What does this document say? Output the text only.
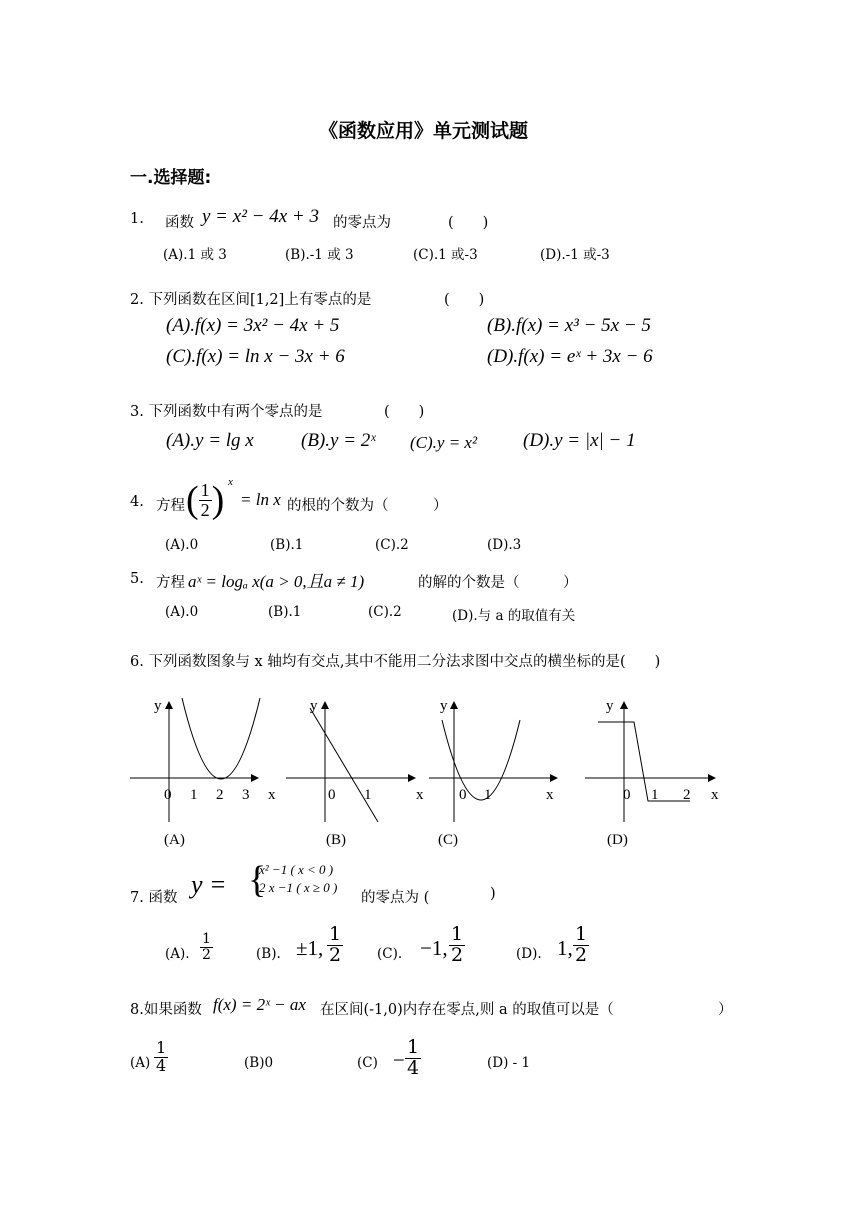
《函数应用》单元测试题
一.选择题:
1. 函数 y = x² − 4x + 3 的零点为	(　　)
(A).1 或 3	(B).-1 或 3	(C).1 或-3	(D).-1 或-3
2. 下列函数在区间[1,2]上有零点的是	(　　)
(A).f(x) = 3x² − 4x + 5	(B).f(x) = x³ − 5x − 5
(C).f(x) = ln x − 3x + 6	(D).f(x) = eˣ + 3x − 6
3. 下列函数中有两个零点的是	(　　)
(A).y = lg x (B).y = 2ˣ (C).y = x² (D).y = |x| − 1
4. 方程 ( $\frac{1}{2}$ ) x
= ln x 的根的个数为（	）
(A).0	(B).1	(C).2	(D).3
5. 方程 aˣ = logₐ x(a > 0,且a ≠ 1)	的解的个数是（	）
(A).0	(B).1	(C).2	(D).与 a 的取值有关
6. 下列函数图象与 x 轴均有交点,其中不能用二分法求图中交点的横坐标的是(　　)
y
0 1 2 3 x
(A)
y
0 1	x
(B)
y
0 1	x
(C)
y
0 1 2 x
(D)
7. 函数 y = {
x² −1 ( x < 0 )
2 x −1 ( x ≥ 0 )
的零点为 (	)
(A). $\frac{1}{2}$	(B). ±1, $\frac{1}{2}$	(C). −1, $\frac{1}{2}$	(D). 1, $\frac{1}{2}$
8.如果函数 f(x) = 2ˣ − ax 在区间(-1,0)内存在零点,则 a 的取值可以是（	）
$(A) \frac{1}{4}$	(B)0	$(C) - \frac{1}{4}$	(D) - 1
